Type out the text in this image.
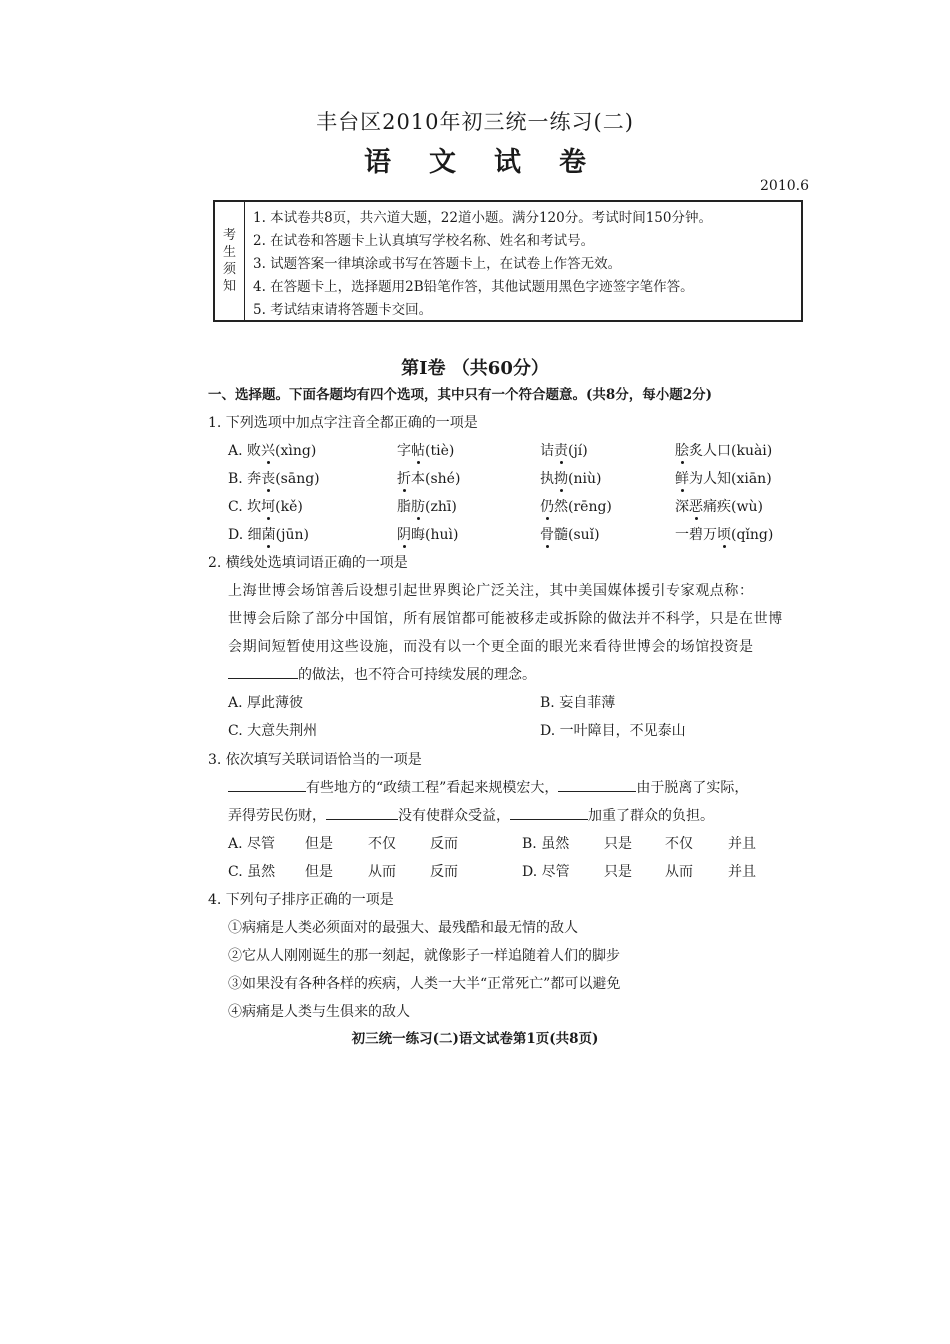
丰台区2010年初三统一练习(二)
语文试卷
2010.6
考
生
须
知
1. 本试卷共8页，共六道大题，22道小题。满分120分。考试时间150分钟。
2. 在试卷和答题卡上认真填写学校名称、姓名和考试号。
3. 试题答案一律填涂或书写在答题卡上，在试卷上作答无效。
4. 在答题卡上，选择题用2B铅笔作答，其他试题用黑色字迹签字笔作答。
5. 考试结束请将答题卡交回。
第Ⅰ卷 （共60分）
一、选择题。下面各题均有四个选项，其中只有一个符合题意。(共8分，每小题2分)
1. 下列选项中加点字注音全都正确的一项是
A. 败兴(xìng)	字帖(tiè)	诘责(jí)	脍炙人口(kuài)
B. 奔丧(sāng)	折本(shé)	执拗(niù)	鲜为人知(xiān)
C. 坎坷(kě)	脂肪(zhī)	仍然(rēng)	深恶痛疾(wù)
D. 细菌(jūn)	阴晦(huì)	骨髓(suǐ)	一碧万顷(qǐng)
2. 横线处选填词语正确的一项是
上海世博会场馆善后设想引起世界舆论广泛关注，其中美国媒体援引专家观点称：
世博会后除了部分中国馆，所有展馆都可能被移走或拆除的做法并不科学，只是在世博
会期间短暂使用这些设施，而没有以一个更全面的眼光来看待世博会的场馆投资是
的做法，也不符合可持续发展的理念。
A. 厚此薄彼	B. 妄自菲薄
C. 大意失荆州	D. 一叶障目，不见泰山
3. 依次填写关联词语恰当的一项是
有些地方的“政绩工程”看起来规模宏大，	由于脱离了实际，
弄得劳民伤财，	没有使群众受益，	加重了群众的负担。
A. 尽管 但是	不仅 反而	B. 虽然 只是 不仅	并且
C. 虽然 但是	从而 反而	D. 尽管 只是 从而	并且
4. 下列句子排序正确的一项是
①病痛是人类必须面对的最强大、最残酷和最无情的敌人
②它从人刚刚诞生的那一刻起，就像影子一样追随着人们的脚步
③如果没有各种各样的疾病，人类一大半“正常死亡”都可以避免
④病痛是人类与生俱来的敌人
初三统一练习(二)语文试卷第1页(共8页)
